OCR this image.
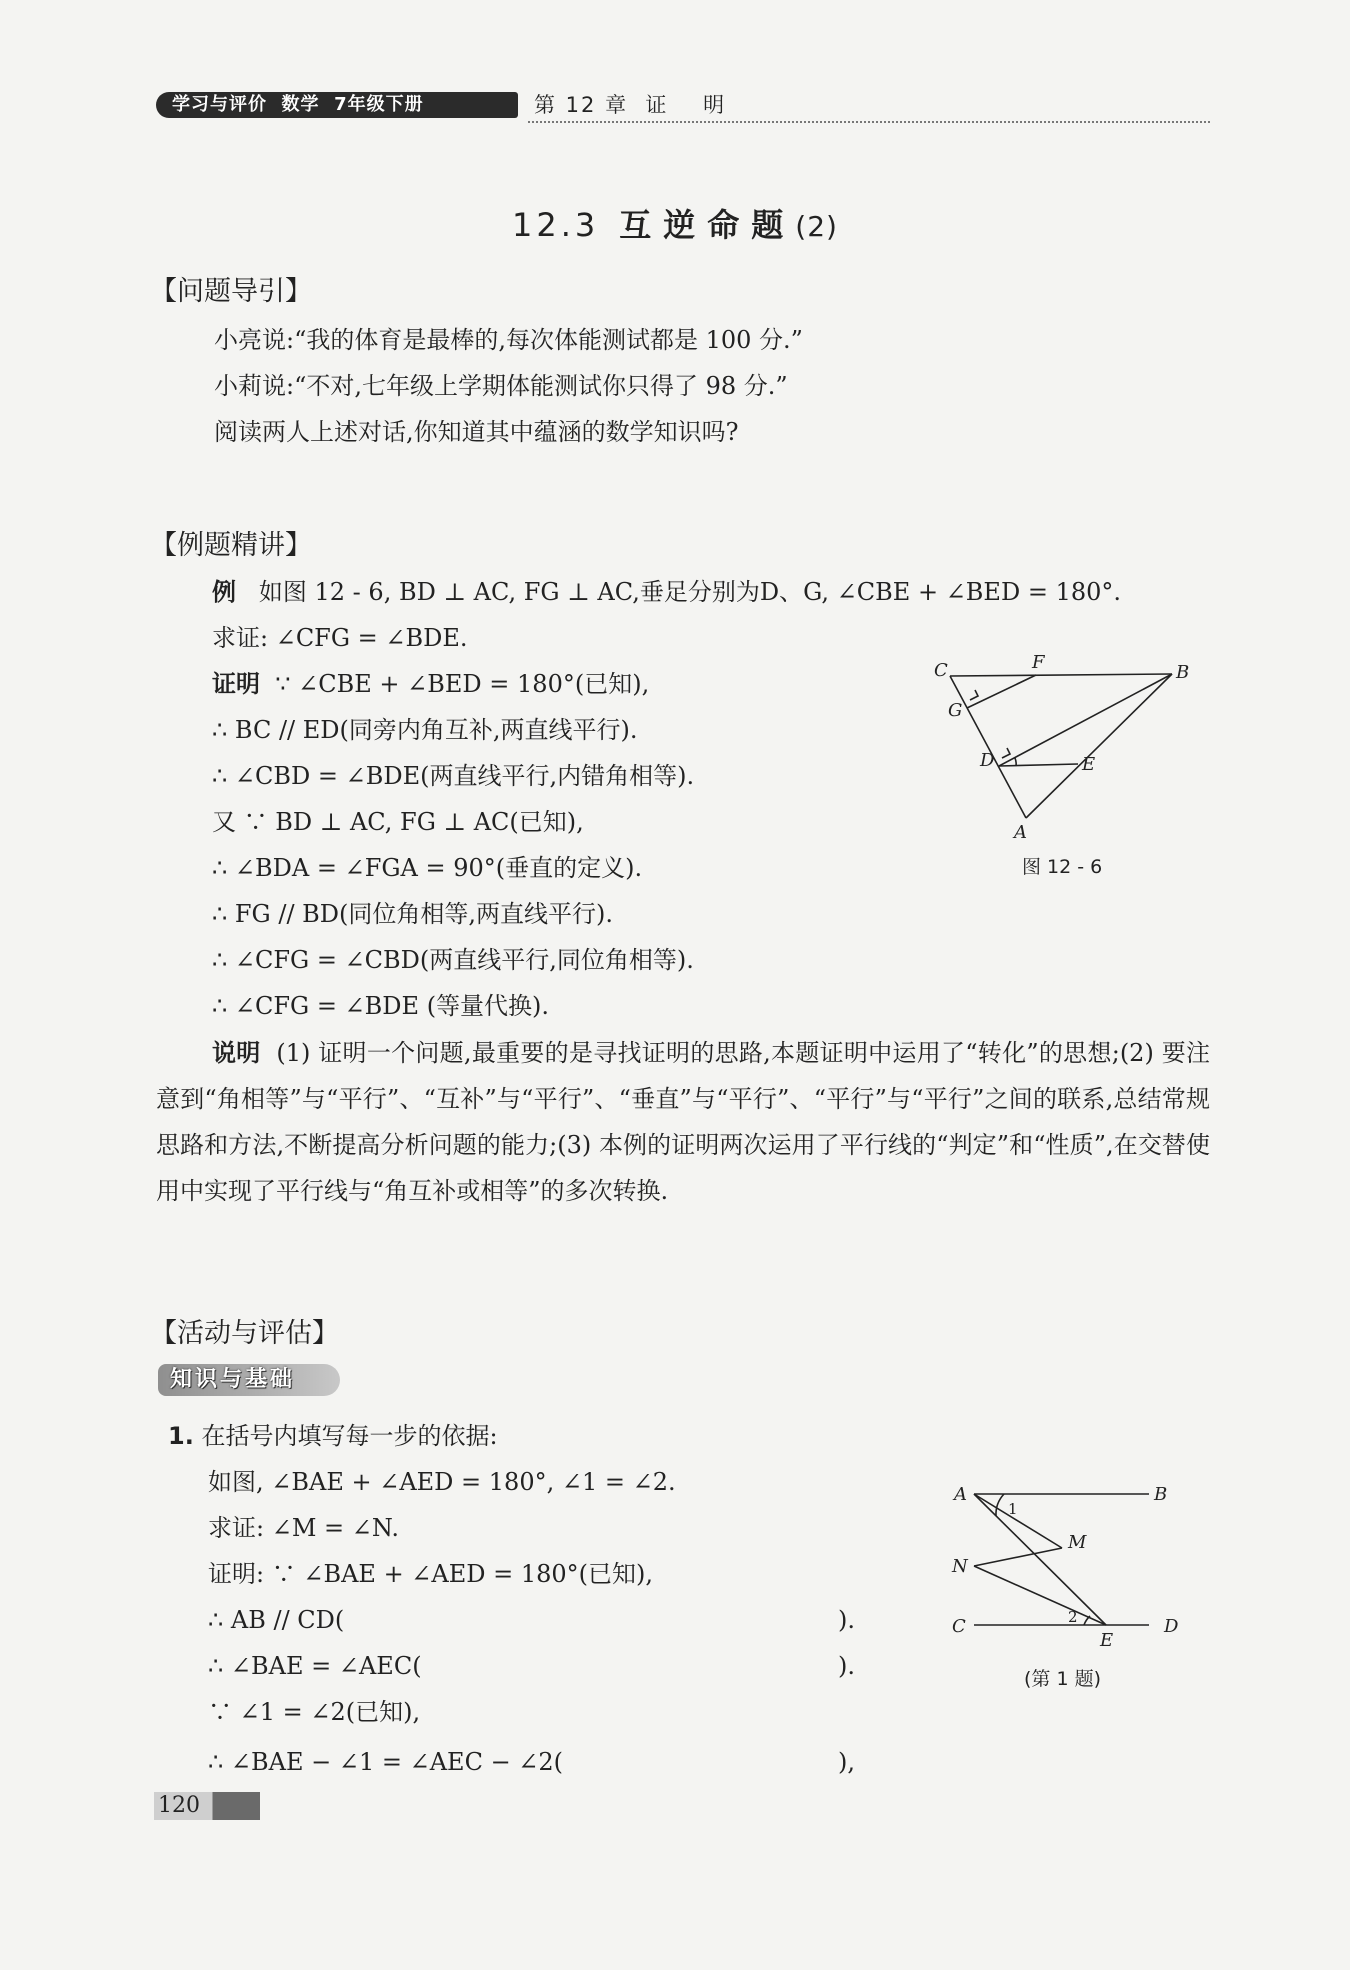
学习与评价  数学  7年级下册	第 12 章  证    明
12.3 互逆命题(2)
【问题导引】
小亮说:“我的体育是最棒的,每次体能测试都是 100 分.”
小莉说:“不对,七年级上学期体能测试你只得了 98 分.”
阅读两人上述对话,你知道其中蕴涵的数学知识吗?
【例题精讲】
例 如图 12 - 6, BD ⊥ AC, FG ⊥ AC,垂足分别为D、G, ∠CBE + ∠BED = 180°.
求证: ∠CFG = ∠BDE.
证明 ∵ ∠CBE + ∠BED = 180°(已知),
∴ BC // ED(同旁内角互补,两直线平行).
∴ ∠CBD = ∠BDE(两直线平行,内错角相等).
又 ∵ BD ⊥ AC, FG ⊥ AC(已知),
∴ ∠BDA = ∠FGA = 90°(垂直的定义).
∴ FG // BD(同位角相等,两直线平行).
∴ ∠CFG = ∠CBD(两直线平行,同位角相等).
∴ ∠CFG = ∠BDE (等量代换).
C	F	B
G
D	E
A
图 12 - 6
说明 (1) 证明一个问题,最重要的是寻找证明的思路,本题证明中运用了“转化”的思想;(2) 要注意到“角相等”与“平行”、“互补”与“平行”、“垂直”与“平行”、“平行”与“平行”之间的联系,总结常规思路和方法,不断提高分析问题的能力;(3) 本例的证明两次运用了平行线的“判定”和“性质”,在交替使用中实现了平行线与“角互补或相等”的多次转换.
【活动与评估】
知识与基础
1. 在括号内填写每一步的依据:
如图, ∠BAE + ∠AED = 180°, ∠1 = ∠2.
求证: ∠M = ∠N.
证明: ∵ ∠BAE + ∠AED = 180°(已知),
∴ AB // CD(	).
∴ ∠BAE = ∠AEC(	).
∵ ∠1 = ∠2(已知),
∴ ∠BAE − ∠1 = ∠AEC − ∠2(	),
A	B
N
M
C	D
E
1
2
(第 1 题)
120
